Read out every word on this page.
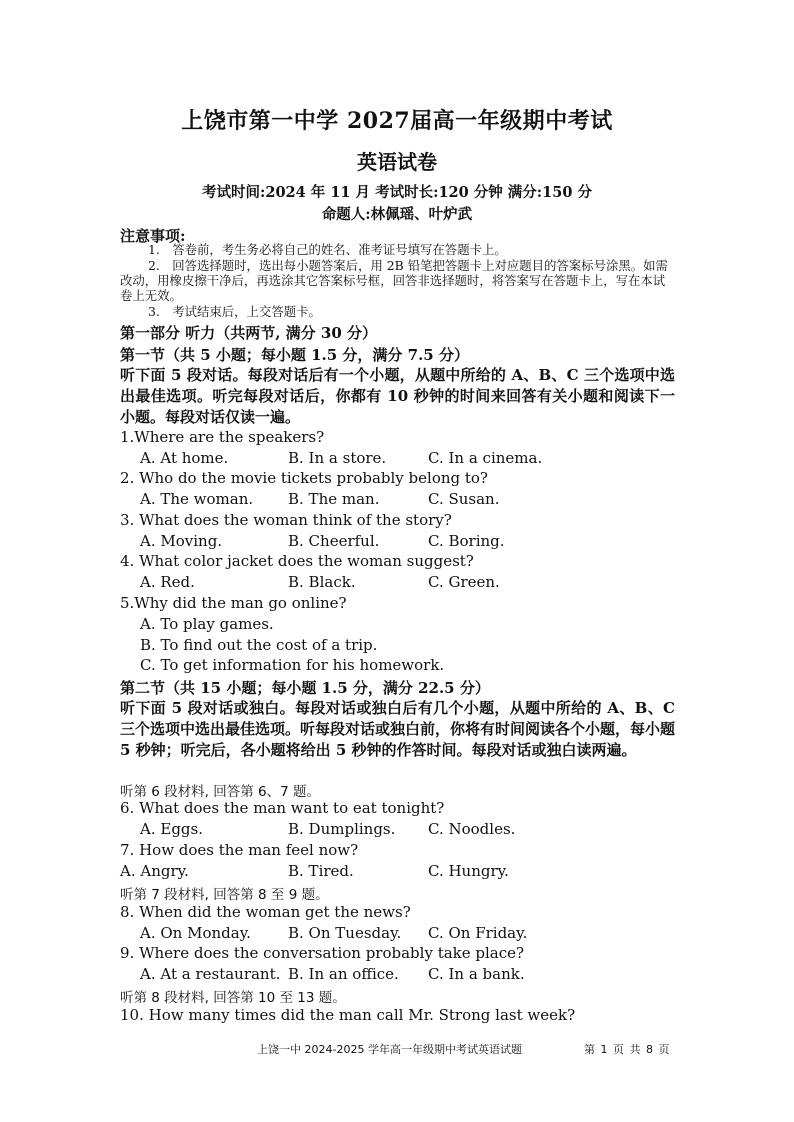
上饶市第一中学 2027届高一年级期中考试
英语试卷
考试时间:2024 年 11 月 考试时长:120 分钟 满分:150 分
命题人:林佩瑶、叶炉武
注意事项:
1.　答卷前，考生务必将自己的姓名、准考证号填写在答题卡上。
2.　回答选择题时，选出每小题答案后，用 2B 铅笔把答题卡上对应题目的答案标号涂黑。如需改动，用橡皮擦干净后，再选涂其它答案标号框，回答非选择题时，将答案写在答题卡上，写在本试卷上无效。
3.　考试结束后，上交答题卡。
第一部分 听力（共两节, 满分 30 分）
第一节（共 5 小题；每小题 1.5 分，满分 7.5 分）
听下面 5 段对话。每段对话后有一个小题，从题中所给的 A、B、C 三个选项中选出最佳选项。听完每段对话后，你都有 10 秒钟的时间来回答有关小题和阅读下一小题。每段对话仅读一遍。
1.Where are the speakers?
A. At home.	B. In a store.	C. In a cinema.
2. Who do the movie tickets probably belong to?
A. The woman. B. The man.	C. Susan.
3. What does the woman think of the story?
A. Moving.	B. Cheerful.	C. Boring.
4. What color jacket does the woman suggest?
A. Red.	B. Black.	C. Green.
5.Why did the man go online?
A. To play games.
B. To find out the cost of a trip.
C. To get information for his homework.
第二节（共 15 小题；每小题 1.5 分，满分 22.5 分）
听下面 5 段对话或独白。每段对话或独白后有几个小题，从题中所给的 A、B、C 三个选项中选出最佳选项。听每段对话或独白前，你将有时间阅读各个小题，每小题 5 秒钟；听完后，各小题将给出 5 秒钟的作答时间。每段对话或独白读两遍。
听第 6 段材料, 回答第 6、7 题。
6. What does the man want to eat tonight?
A. Eggs.	B. Dumplings. C. Noodles.
7. How does the man feel now?
A. Angry.	B. Tired.	C. Hungry.
听第 7 段材料, 回答第 8 至 9 题。
8. When did the woman get the news?
A. On Monday. B. On Tuesday. C. On Friday.
9. Where does the conversation probably take place?
A. At a restaurant. B. In an office. C. In a bank.
听第 8 段材料, 回答第 10 至 13 题。
10. How many times did the man call Mr. Strong last week?
上饶一中 2024-2025 学年高一年级期中考试英语试题	第 1 页 共 8 页
